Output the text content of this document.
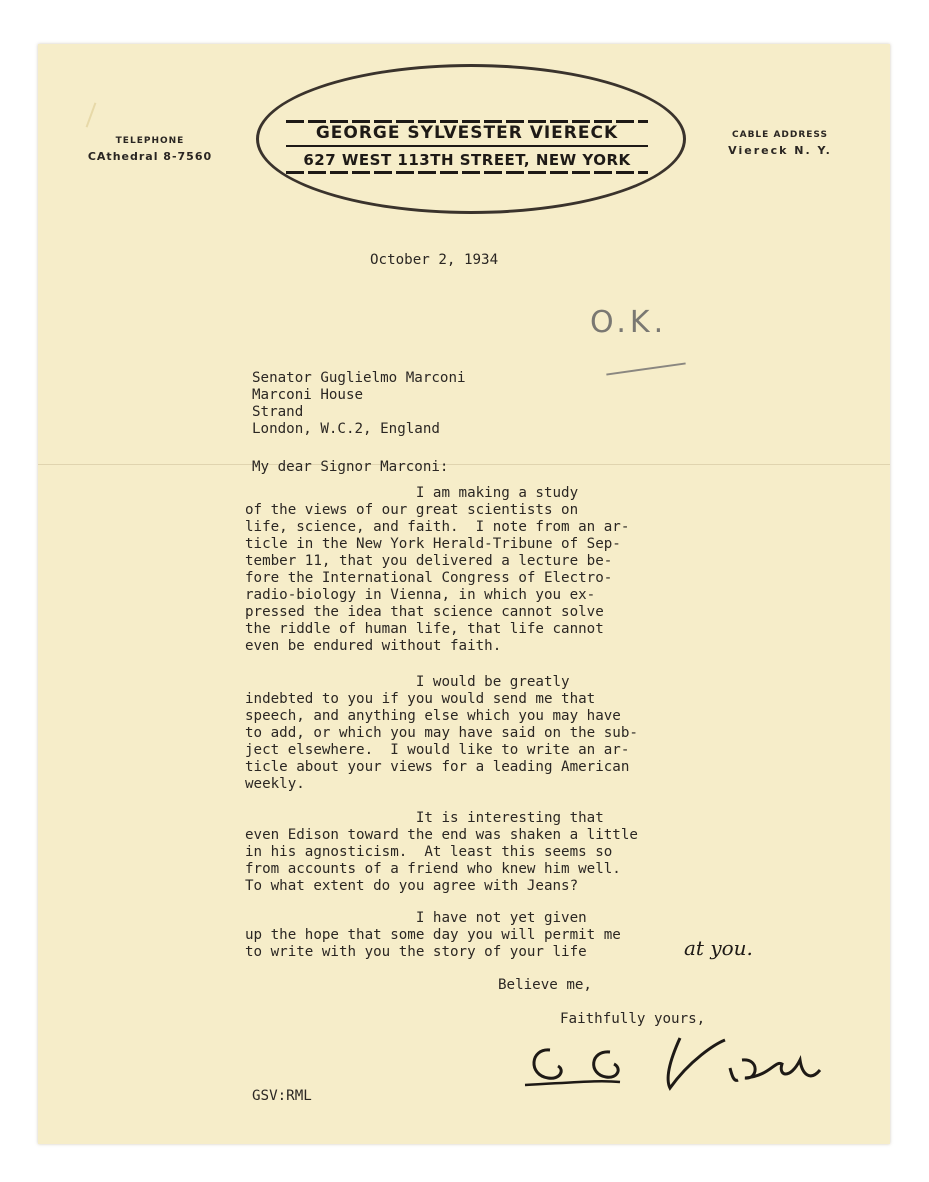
TELEPHONE
CAthedral 8-7560
GEORGE SYLVESTER VIERECK
627 WEST 113TH STREET, NEW YORK
CABLE ADDRESS
Viereck N. Y.
October 2, 1934
O.K.
Senator Guglielmo Marconi
Marconi House
Strand
London, W.C.2, England
My dear Signor Marconi:
I am making a study
of the views of our great scientists on
life, science, and faith.  I note from an ar-
ticle in the New York Herald-Tribune of Sep-
tember 11, that you delivered a lecture be-
fore the International Congress of Electro-
radio-biology in Vienna, in which you ex-
pressed the idea that science cannot solve
the riddle of human life, that life cannot
even be endured without faith.
I would be greatly
indebted to you if you would send me that
speech, and anything else which you may have
to add, or which you may have said on the sub-
ject elsewhere.  I would like to write an ar-
ticle about your views for a leading American
weekly.
It is interesting that
even Edison toward the end was shaken a little
in his agnosticism.  At least this seems so
from accounts of a friend who knew him well.
To what extent do you agree with Jeans?
I have not yet given
up the hope that some day you will permit me
to write with you the story of your life	at you.
Believe me,
Faithfully yours,
GSV:RML
